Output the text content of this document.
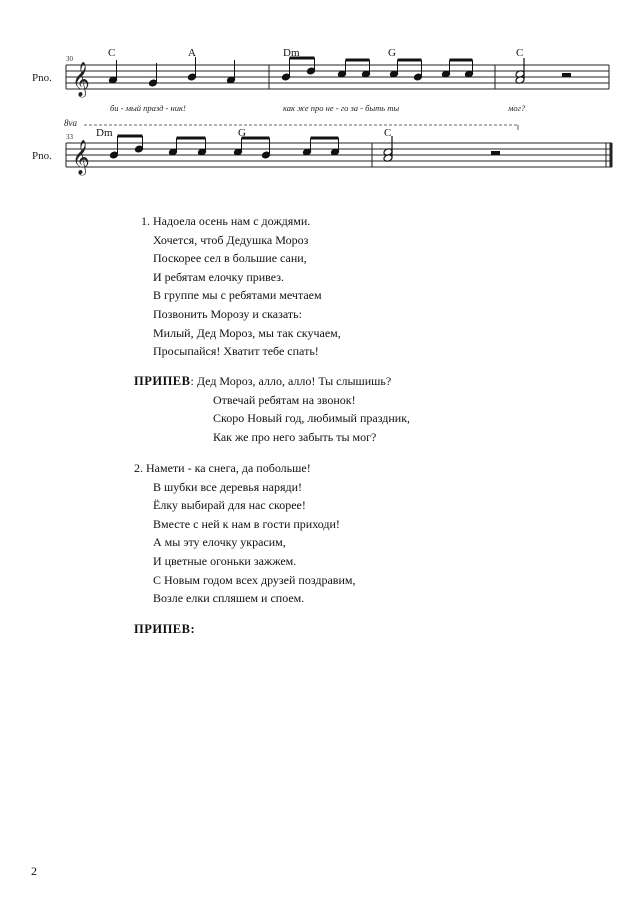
𝄞
𝄞
Pno.
30	C	A	Dm	G	C
би - мый празд - ник!	как же про не - го за - быть ты	мог?
8va
33
Pno.
Dm	G	C
1. Надоела осень нам с дождями.
Хочется, чтоб Дедушка Мороз
Поскорее сел в большие сани,
И ребятам елочку привез.
В группе мы с ребятами мечтаем
Позвонить Морозу и сказать:
Милый, Дед Мороз, мы так скучаем,
Просыпайся! Хватит тебе спать!
ПРИПЕВ: Дед Мороз, алло, алло! Ты слышишь?
Отвечай ребятам на звонок!
Скоро Новый год, любимый праздник,
Как же про него забыть ты мог?
2. Намети - ка снега, да побольше!
В шубки все деревья наряди!
Ёлку выбирай для нас скорее!
Вместе с ней к нам в гости приходи!
А мы эту елочку украсим,
И цветные огоньки зажжем.
С Новым годом всех друзей поздравим,
Возле елки спляшем и споем.
ПРИПЕВ:
2
